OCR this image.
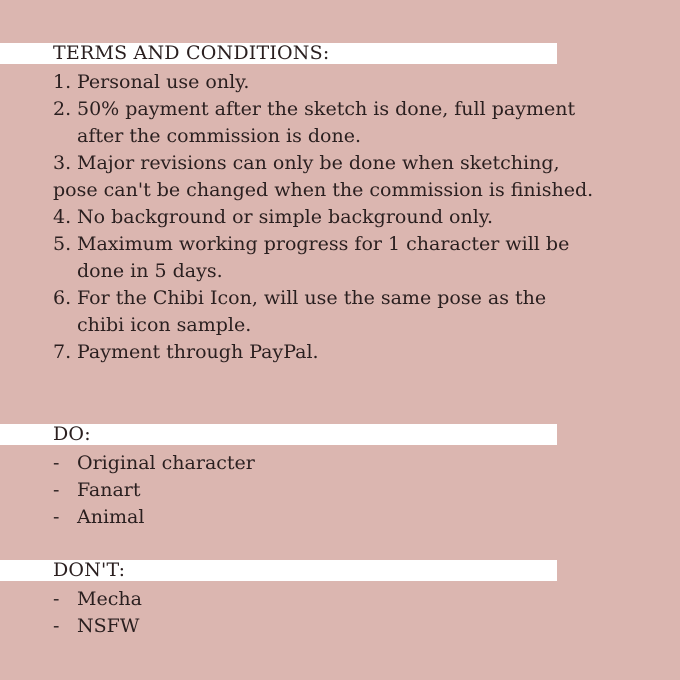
TERMS AND CONDITIONS:
1. Personal use only.
2. 50% payment after the sketch is done, full payment
after the commission is done.
3. Major revisions can only be done when sketching,
pose can't be changed when the commission is finished.
4. No background or simple background only.
5. Maximum working progress for 1 character will be
done in 5 days.
6. For the Chibi Icon, will use the same pose as the
chibi icon sample.
7. Payment through PayPal.
DO:
- Original character
- Fanart
- Animal
DON'T:
- Mecha
- NSFW
